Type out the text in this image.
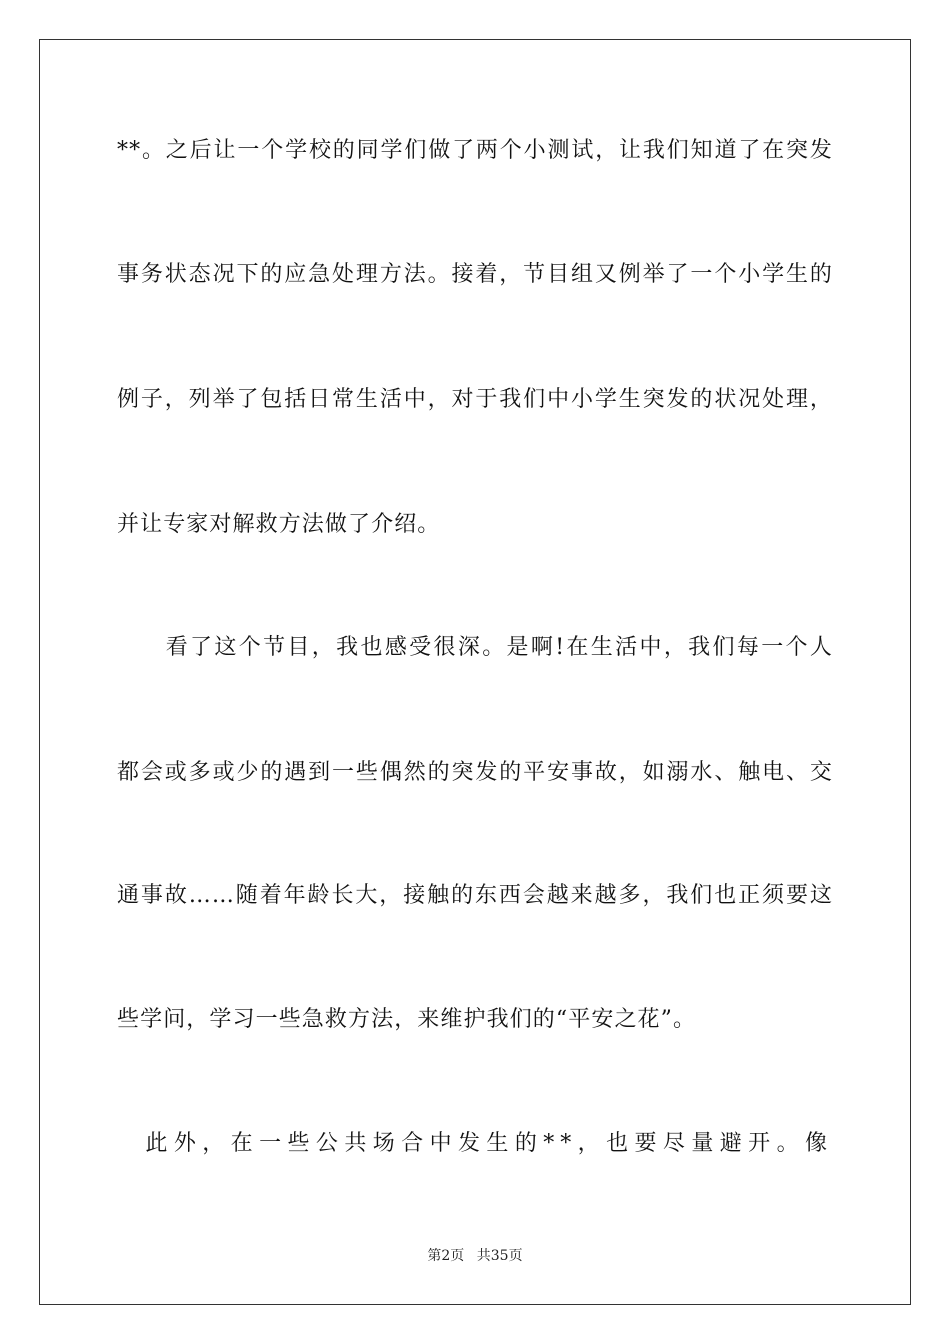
**。之后让一个学校的同学们做了两个小测试，让我们知道了在突发
事务状态况下的应急处理方法。接着，节目组又例举了一个小学生的
例子，列举了包括日常生活中，对于我们中小学生突发的状况处理，
并让专家对解救方法做了介绍。
　　看了这个节目，我也感受很深。是啊!在生活中，我们每一个人
都会或多或少的遇到一些偶然的突发的平安事故，如溺水、触电、交
通事故……随着年龄长大，接触的东西会越来越多，我们也正须要这
些学问，学习一些急救方法，来维护我们的“平安之花”。
　此外，在一些公共场合中发生的**，也要尽量避开。像
第2页 共35页
